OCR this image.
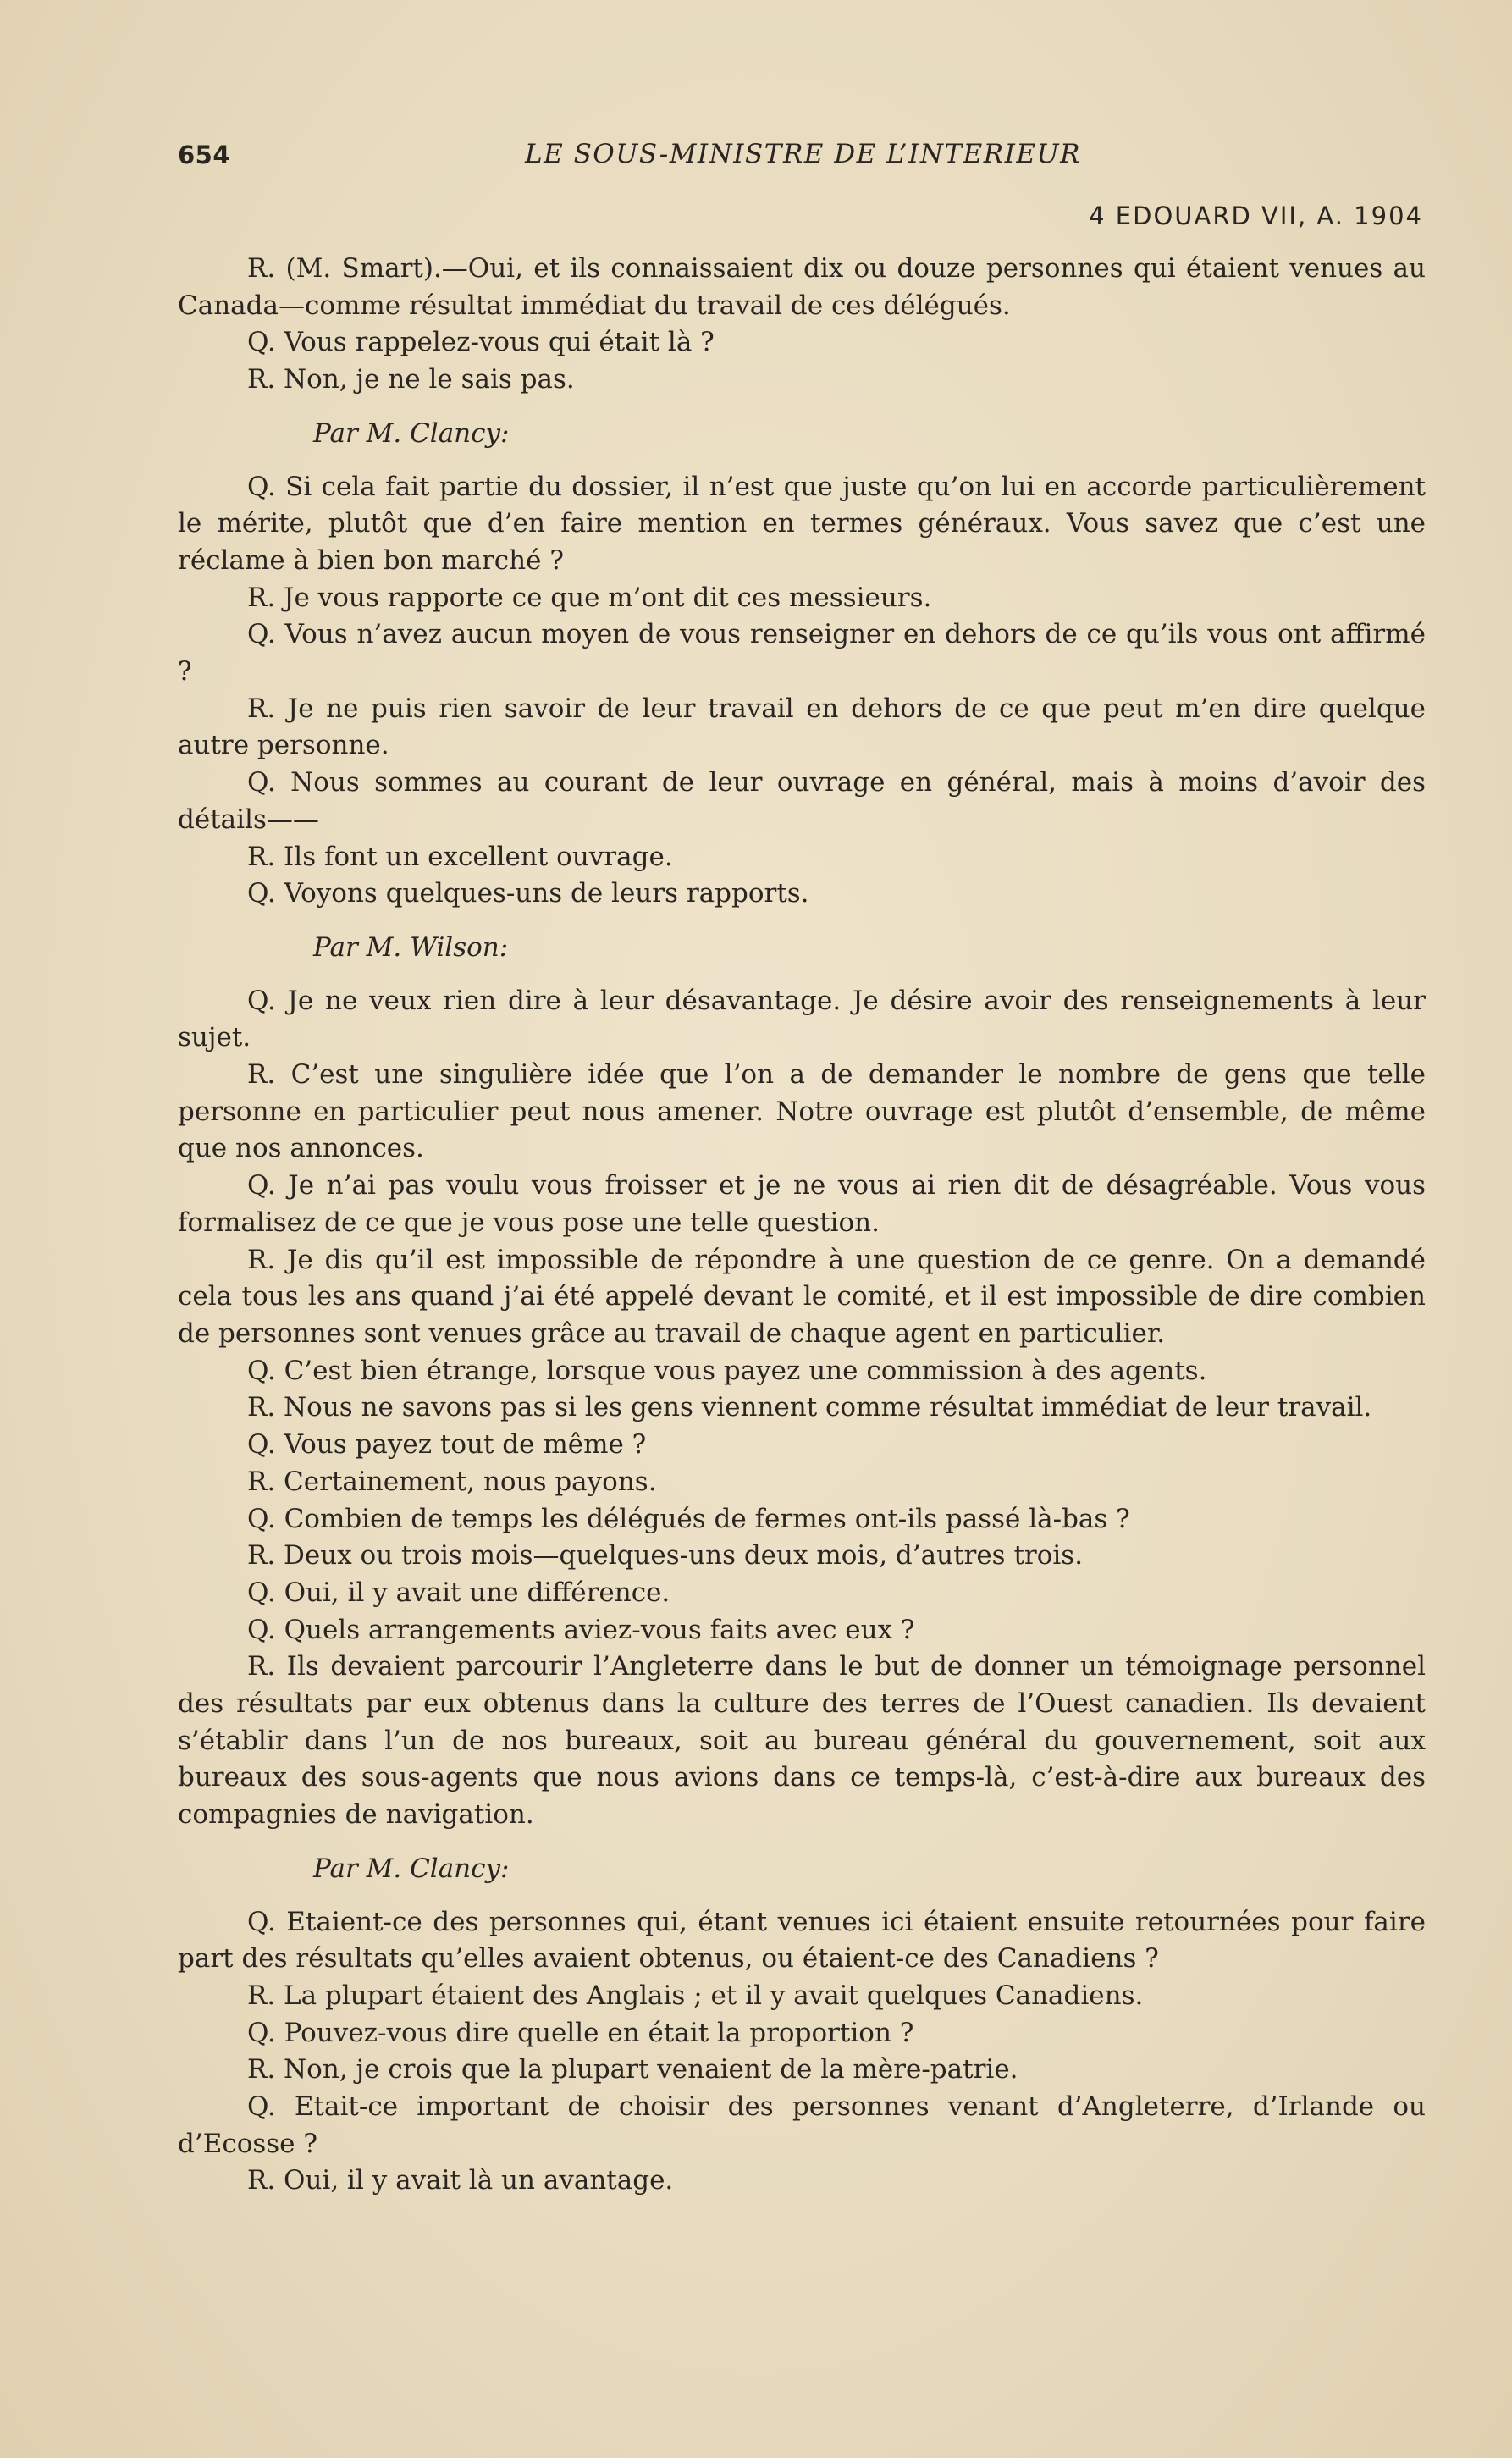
654	LE SOUS-MINISTRE DE L’INTERIEUR
4 EDOUARD VII, A. 1904

R. (M. Smart).—Oui, et ils connaissaient dix ou douze personnes qui étaient venues au Canada—comme résultat immédiat du travail de ces délégués.

Q. Vous rappelez-vous qui était là ?

R. Non, je ne le sais pas.

Par M. Clancy:

Q. Si cela fait partie du dossier, il n’est que juste qu’on lui en accorde particulièrement le mérite, plutôt que d’en faire mention en termes généraux. Vous savez que c’est une réclame à bien bon marché ?

R. Je vous rapporte ce que m’ont dit ces messieurs.

Q. Vous n’avez aucun moyen de vous renseigner en dehors de ce qu’ils vous ont affirmé ?

R. Je ne puis rien savoir de leur travail en dehors de ce que peut m’en dire quelque autre personne.

Q. Nous sommes au courant de leur ouvrage en général, mais à moins d’avoir des détails——

R. Ils font un excellent ouvrage.

Q. Voyons quelques-uns de leurs rapports.

Par M. Wilson:

Q. Je ne veux rien dire à leur désavantage. Je désire avoir des renseignements à leur sujet.

R. C’est une singulière idée que l’on a de demander le nombre de gens que telle personne en particulier peut nous amener. Notre ouvrage est plutôt d’ensemble, de même que nos annonces.

Q. Je n’ai pas voulu vous froisser et je ne vous ai rien dit de désagréable. Vous vous formalisez de ce que je vous pose une telle question.

R. Je dis qu’il est impossible de répondre à une question de ce genre. On a demandé cela tous les ans quand j’ai été appelé devant le comité, et il est impossible de dire combien de personnes sont venues grâce au travail de chaque agent en particulier.

Q. C’est bien étrange, lorsque vous payez une commission à des agents.

R. Nous ne savons pas si les gens viennent comme résultat immédiat de leur travail.

Q. Vous payez tout de même ?

R. Certainement, nous payons.

Q. Combien de temps les délégués de fermes ont-ils passé là-bas ?

R. Deux ou trois mois—quelques-uns deux mois, d’autres trois.

Q. Oui, il y avait une différence.

Q. Quels arrangements aviez-vous faits avec eux ?

R. Ils devaient parcourir l’Angleterre dans le but de donner un témoignage personnel des résultats par eux obtenus dans la culture des terres de l’Ouest canadien. Ils devaient s’établir dans l’un de nos bureaux, soit au bureau général du gouvernement, soit aux bureaux des sous-agents que nous avions dans ce temps-là, c’est-à-dire aux bureaux des compagnies de navigation.

Par M. Clancy:

Q. Etaient-ce des personnes qui, étant venues ici étaient ensuite retournées pour faire part des résultats qu’elles avaient obtenus, ou étaient-ce des Canadiens ?

R. La plupart étaient des Anglais ; et il y avait quelques Canadiens.

Q. Pouvez-vous dire quelle en était la proportion ?

R. Non, je crois que la plupart venaient de la mère-patrie.

Q. Etait-ce important de choisir des personnes venant d’Angleterre, d’Irlande ou d’Ecosse ?

R. Oui, il y avait là un avantage.
